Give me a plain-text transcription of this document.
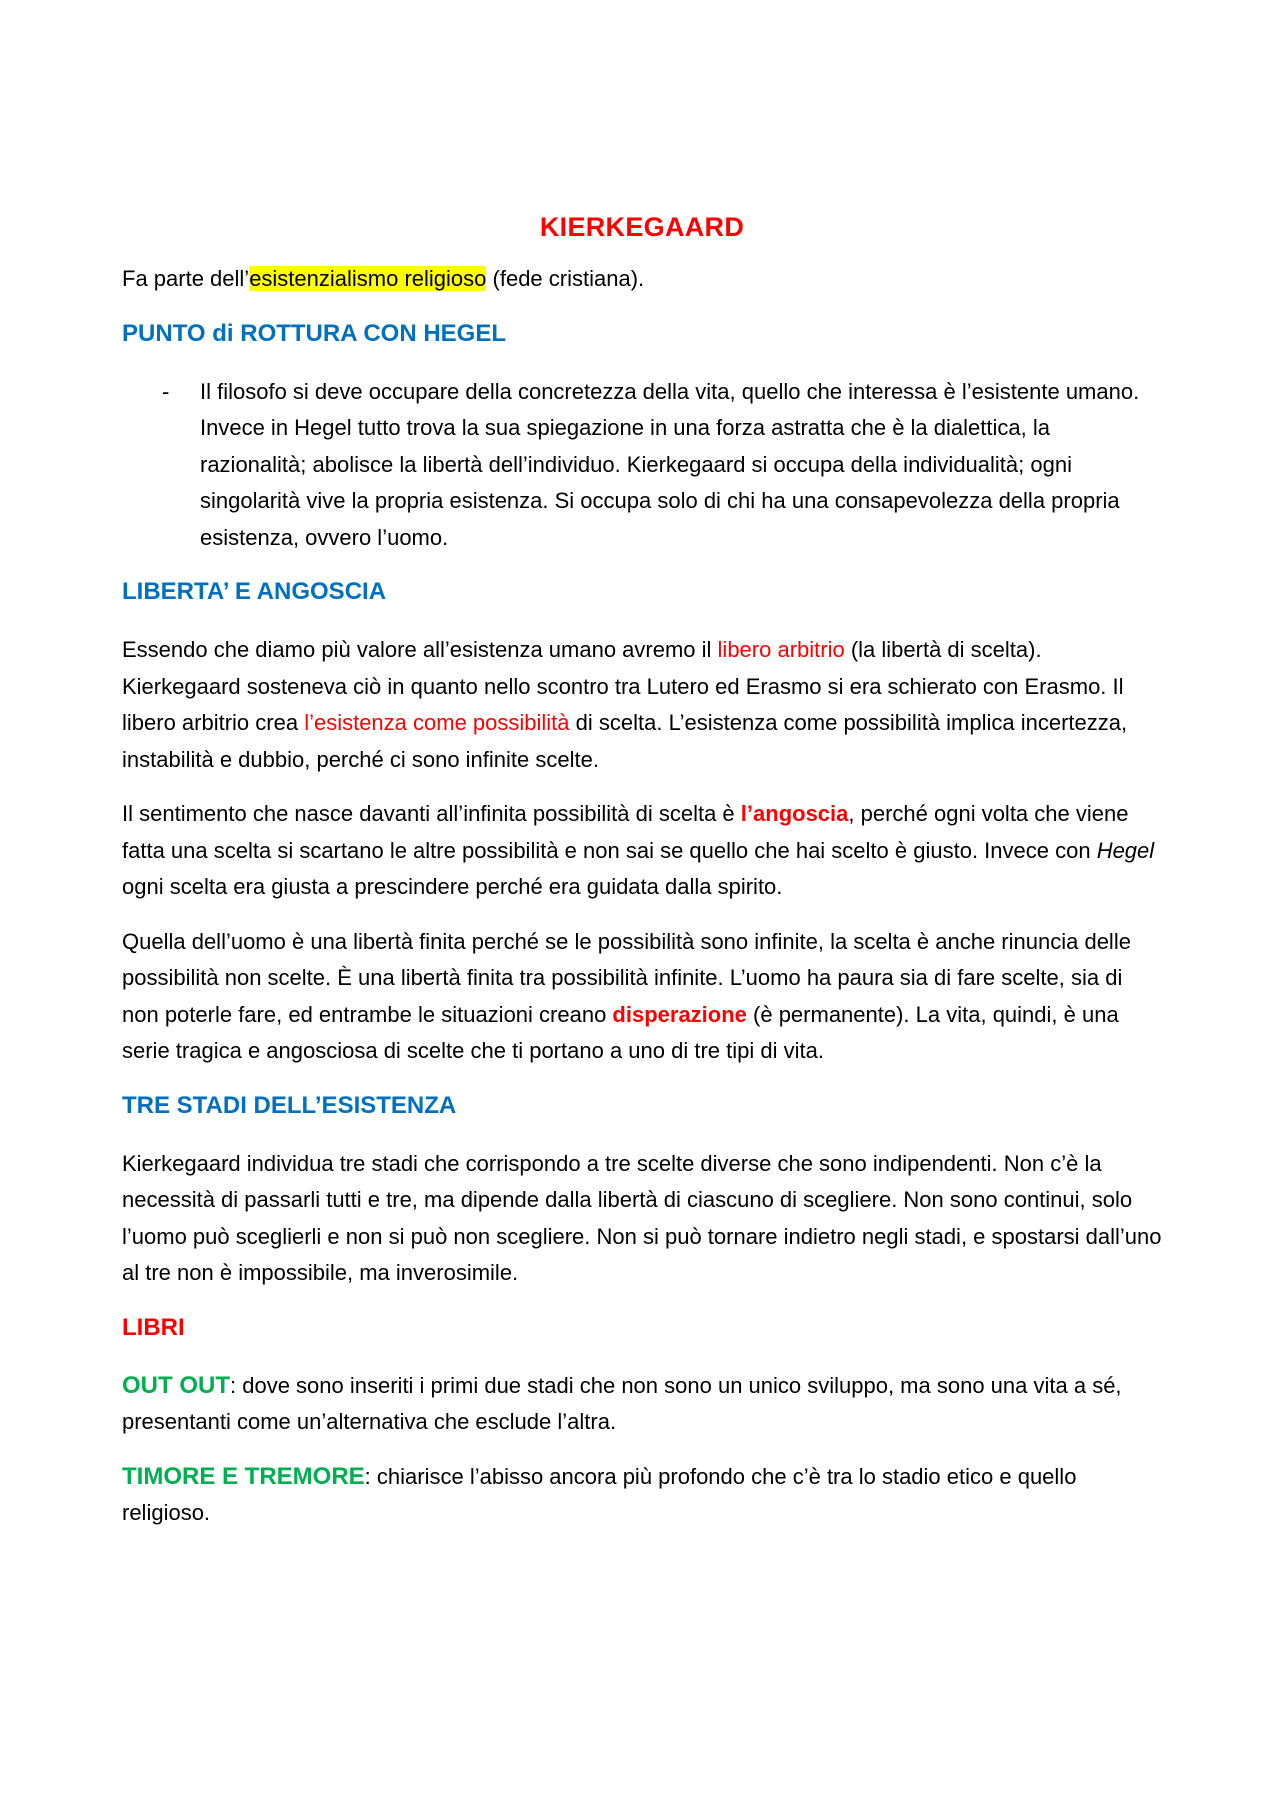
KIERKEGAARD

Fa parte dell’esistenzialismo religioso (fede cristiana).

PUNTO di ROTTURA CON HEGEL
- Il filosofo si deve occupare della concretezza della vita, quello che interessa è l’esistente umano. Invece in Hegel tutto trova la sua spiegazione in una forza astratta che è la dialettica, la razionalità; abolisce la libertà dell’individuo. Kierkegaard si occupa della individualità; ogni singolarità vive la propria esistenza. Si occupa solo di chi ha una consapevolezza della propria esistenza, ovvero l’uomo.
LIBERTA’ E ANGOSCIA

Essendo che diamo più valore all’esistenza umano avremo il libero arbitrio (la libertà di scelta). Kierkegaard sosteneva ciò in quanto nello scontro tra Lutero ed Erasmo si era schierato con Erasmo. Il libero arbitrio crea l’esistenza come possibilità di scelta. L’esistenza come possibilità implica incertezza, instabilità e dubbio, perché ci sono infinite scelte.

Il sentimento che nasce davanti all’infinita possibilità di scelta è l’angoscia, perché ogni volta che viene fatta una scelta si scartano le altre possibilità e non sai se quello che hai scelto è giusto. Invece con Hegel ogni scelta era giusta a prescindere perché era guidata dalla spirito.

Quella dell’uomo è una libertà finita perché se le possibilità sono infinite, la scelta è anche rinuncia delle possibilità non scelte. È una libertà finita tra possibilità infinite. L’uomo ha paura sia di fare scelte, sia di non poterle fare, ed entrambe le situazioni creano disperazione (è permanente). La vita, quindi, è una serie tragica e angosciosa di scelte che ti portano a uno di tre tipi di vita.

TRE STADI DELL’ESISTENZA

Kierkegaard individua tre stadi che corrispondo a tre scelte diverse che sono indipendenti. Non c’è la necessità di passarli tutti e tre, ma dipende dalla libertà di ciascuno di scegliere. Non sono continui, solo l’uomo può sceglierli e non si può non scegliere. Non si può tornare indietro negli stadi, e spostarsi dall’uno al tre non è impossibile, ma inverosimile.

LIBRI

OUT OUT: dove sono inseriti i primi due stadi che non sono un unico sviluppo, ma sono una vita a sé, presentanti come un’alternativa che esclude l’altra.

TIMORE E TREMORE: chiarisce l’abisso ancora più profondo che c’è tra lo stadio etico e quello religioso.
